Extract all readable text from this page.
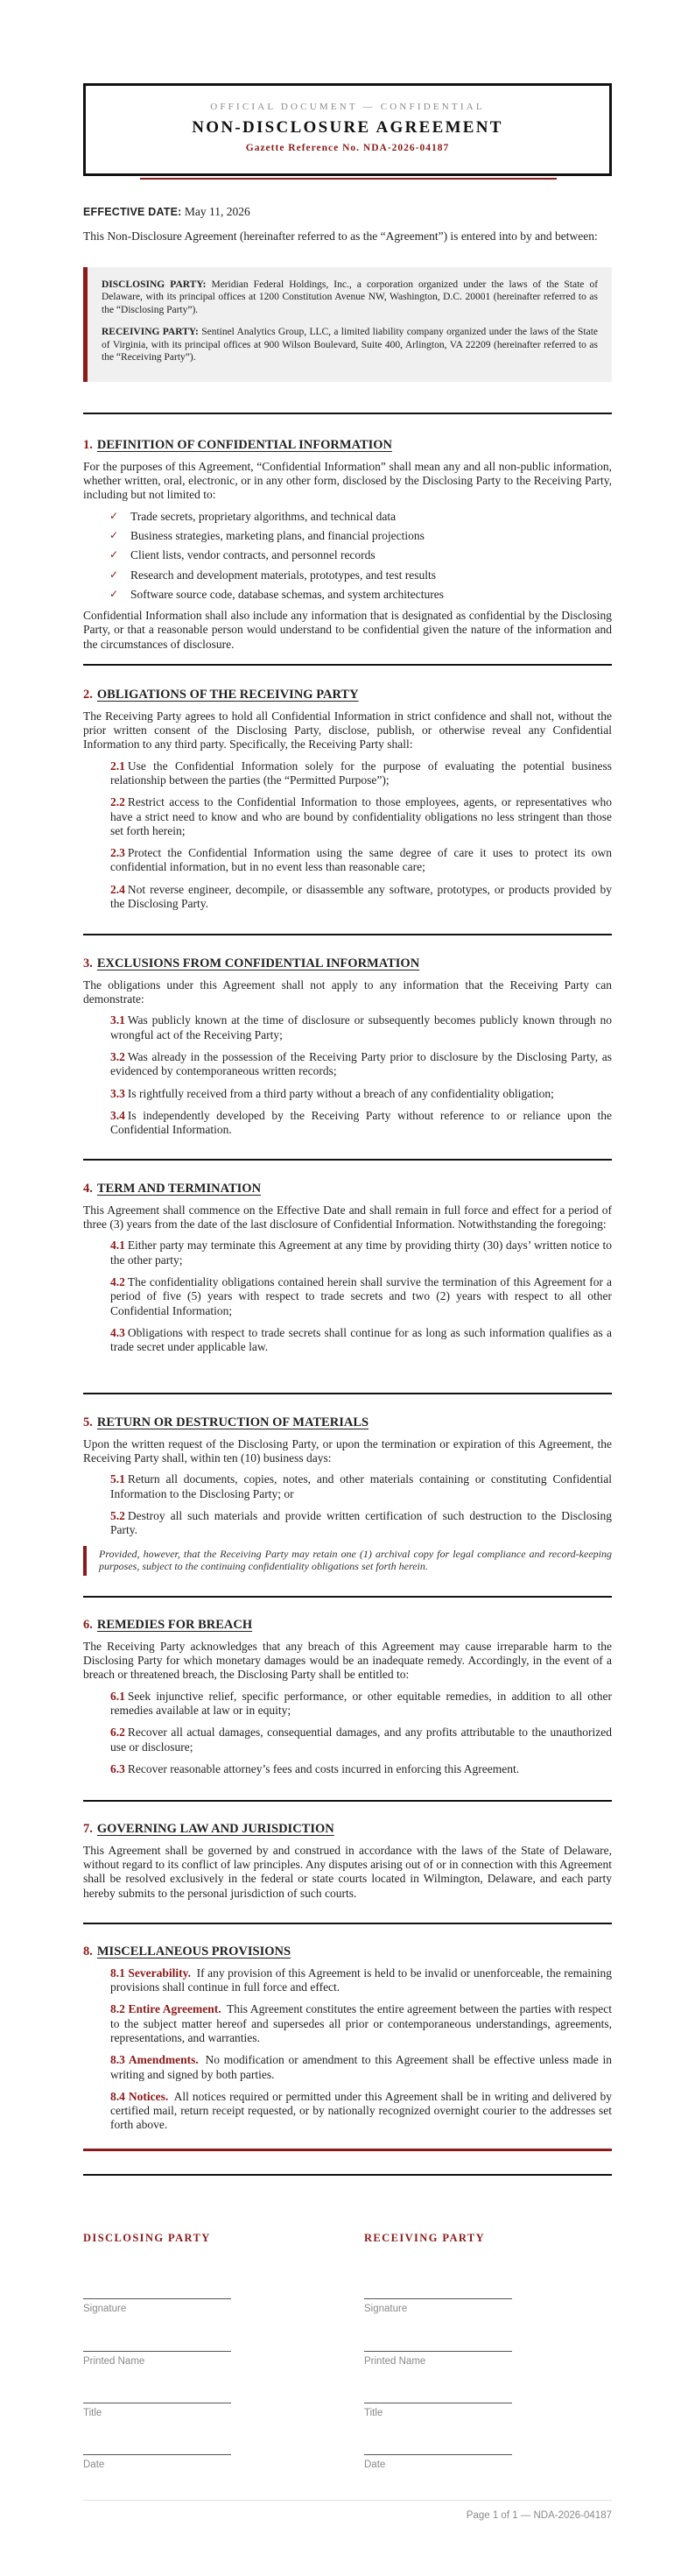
OFFICIAL DOCUMENT — CONFIDENTIAL
NON-DISCLOSURE AGREEMENT
Gazette Reference No. NDA-2026-04187
EFFECTIVE DATE: May 11, 2026

This Non-Disclosure Agreement (hereinafter referred to as the “Agreement”) is entered into by and between:

DISCLOSING PARTY: Meridian Federal Holdings, Inc., a corporation organized under the laws of the State of Delaware, with its principal offices at 1200 Constitution Avenue NW, Washington, D.C. 20001 (hereinafter referred to as the “Disclosing Party”).

RECEIVING PARTY: Sentinel Analytics Group, LLC, a limited liability company organized under the laws of the State of Virginia, with its principal offices at 900 Wilson Boulevard, Suite 400, Arlington, VA 22209 (hereinafter referred to as the “Receiving Party”).

1. DEFINITION OF CONFIDENTIAL INFORMATION

For the purposes of this Agreement, “Confidential Information” shall mean any and all non-public information, whether written, oral, electronic, or in any other form, disclosed by the Disclosing Party to the Receiving Party, including but not limited to:

✓ Trade secrets, proprietary algorithms, and technical data
✓ Business strategies, marketing plans, and financial projections
✓ Client lists, vendor contracts, and personnel records
✓ Research and development materials, prototypes, and test results
✓ Software source code, database schemas, and system architectures

Confidential Information shall also include any information that is designated as confidential by the Disclosing Party, or that a reasonable person would understand to be confidential given the nature of the information and the circumstances of disclosure.

2. OBLIGATIONS OF THE RECEIVING PARTY

The Receiving Party agrees to hold all Confidential Information in strict confidence and shall not, without the prior written consent of the Disclosing Party, disclose, publish, or otherwise reveal any Confidential Information to any third party. Specifically, the Receiving Party shall:

2.1 Use the Confidential Information solely for the purpose of evaluating the potential business relationship between the parties (the “Permitted Purpose”);

2.2 Restrict access to the Confidential Information to those employees, agents, or representatives who have a strict need to know and who are bound by confidentiality obligations no less stringent than those set forth herein;

2.3 Protect the Confidential Information using the same degree of care it uses to protect its own confidential information, but in no event less than reasonable care;

2.4 Not reverse engineer, decompile, or disassemble any software, prototypes, or products provided by the Disclosing Party.

3. EXCLUSIONS FROM CONFIDENTIAL INFORMATION

The obligations under this Agreement shall not apply to any information that the Receiving Party can demonstrate:

3.1 Was publicly known at the time of disclosure or subsequently becomes publicly known through no wrongful act of the Receiving Party;

3.2 Was already in the possession of the Receiving Party prior to disclosure by the Disclosing Party, as evidenced by contemporaneous written records;

3.3 Is rightfully received from a third party without a breach of any confidentiality obligation;

3.4 Is independently developed by the Receiving Party without reference to or reliance upon the Confidential Information.

4. TERM AND TERMINATION

This Agreement shall commence on the Effective Date and shall remain in full force and effect for a period of three (3) years from the date of the last disclosure of Confidential Information. Notwithstanding the foregoing:

4.1 Either party may terminate this Agreement at any time by providing thirty (30) days’ written notice to the other party;

4.2 The confidentiality obligations contained herein shall survive the termination of this Agreement for a period of five (5) years with respect to trade secrets and two (2) years with respect to all other Confidential Information;

4.3 Obligations with respect to trade secrets shall continue for as long as such information qualifies as a trade secret under applicable law.

5. RETURN OR DESTRUCTION OF MATERIALS

Upon the written request of the Disclosing Party, or upon the termination or expiration of this Agreement, the Receiving Party shall, within ten (10) business days:

5.1 Return all documents, copies, notes, and other materials containing or constituting Confidential Information to the Disclosing Party; or

5.2 Destroy all such materials and provide written certification of such destruction to the Disclosing Party.

Provided, however, that the Receiving Party may retain one (1) archival copy for legal compliance and record-keeping purposes, subject to the continuing confidentiality obligations set forth herein.

6. REMEDIES FOR BREACH

The Receiving Party acknowledges that any breach of this Agreement may cause irreparable harm to the Disclosing Party for which monetary damages would be an inadequate remedy. Accordingly, in the event of a breach or threatened breach, the Disclosing Party shall be entitled to:

6.1 Seek injunctive relief, specific performance, or other equitable remedies, in addition to all other remedies available at law or in equity;

6.2 Recover all actual damages, consequential damages, and any profits attributable to the unauthorized use or disclosure;

6.3 Recover reasonable attorney’s fees and costs incurred in enforcing this Agreement.

7. GOVERNING LAW AND JURISDICTION

This Agreement shall be governed by and construed in accordance with the laws of the State of Delaware, without regard to its conflict of law principles. Any disputes arising out of or in connection with this Agreement shall be resolved exclusively in the federal or state courts located in Wilmington, Delaware, and each party hereby submits to the personal jurisdiction of such courts.

8. MISCELLANEOUS PROVISIONS

8.1 Severability. If any provision of this Agreement is held to be invalid or unenforceable, the remaining provisions shall continue in full force and effect.

8.2 Entire Agreement. This Agreement constitutes the entire agreement between the parties with respect to the subject matter hereof and supersedes all prior or contemporaneous understandings, agreements, representations, and warranties.

8.3 Amendments. No modification or amendment to this Agreement shall be effective unless made in writing and signed by both parties.

8.4 Notices. All notices required or permitted under this Agreement shall be in writing and delivered by certified mail, return receipt requested, or by nationally recognized overnight courier to the addresses set forth above.

DISCLOSING PARTY
Signature
Printed Name
Title
Date
RECEIVING PARTY
Signature
Printed Name
Title
Date
Page 1 of 1 — NDA-2026-04187
